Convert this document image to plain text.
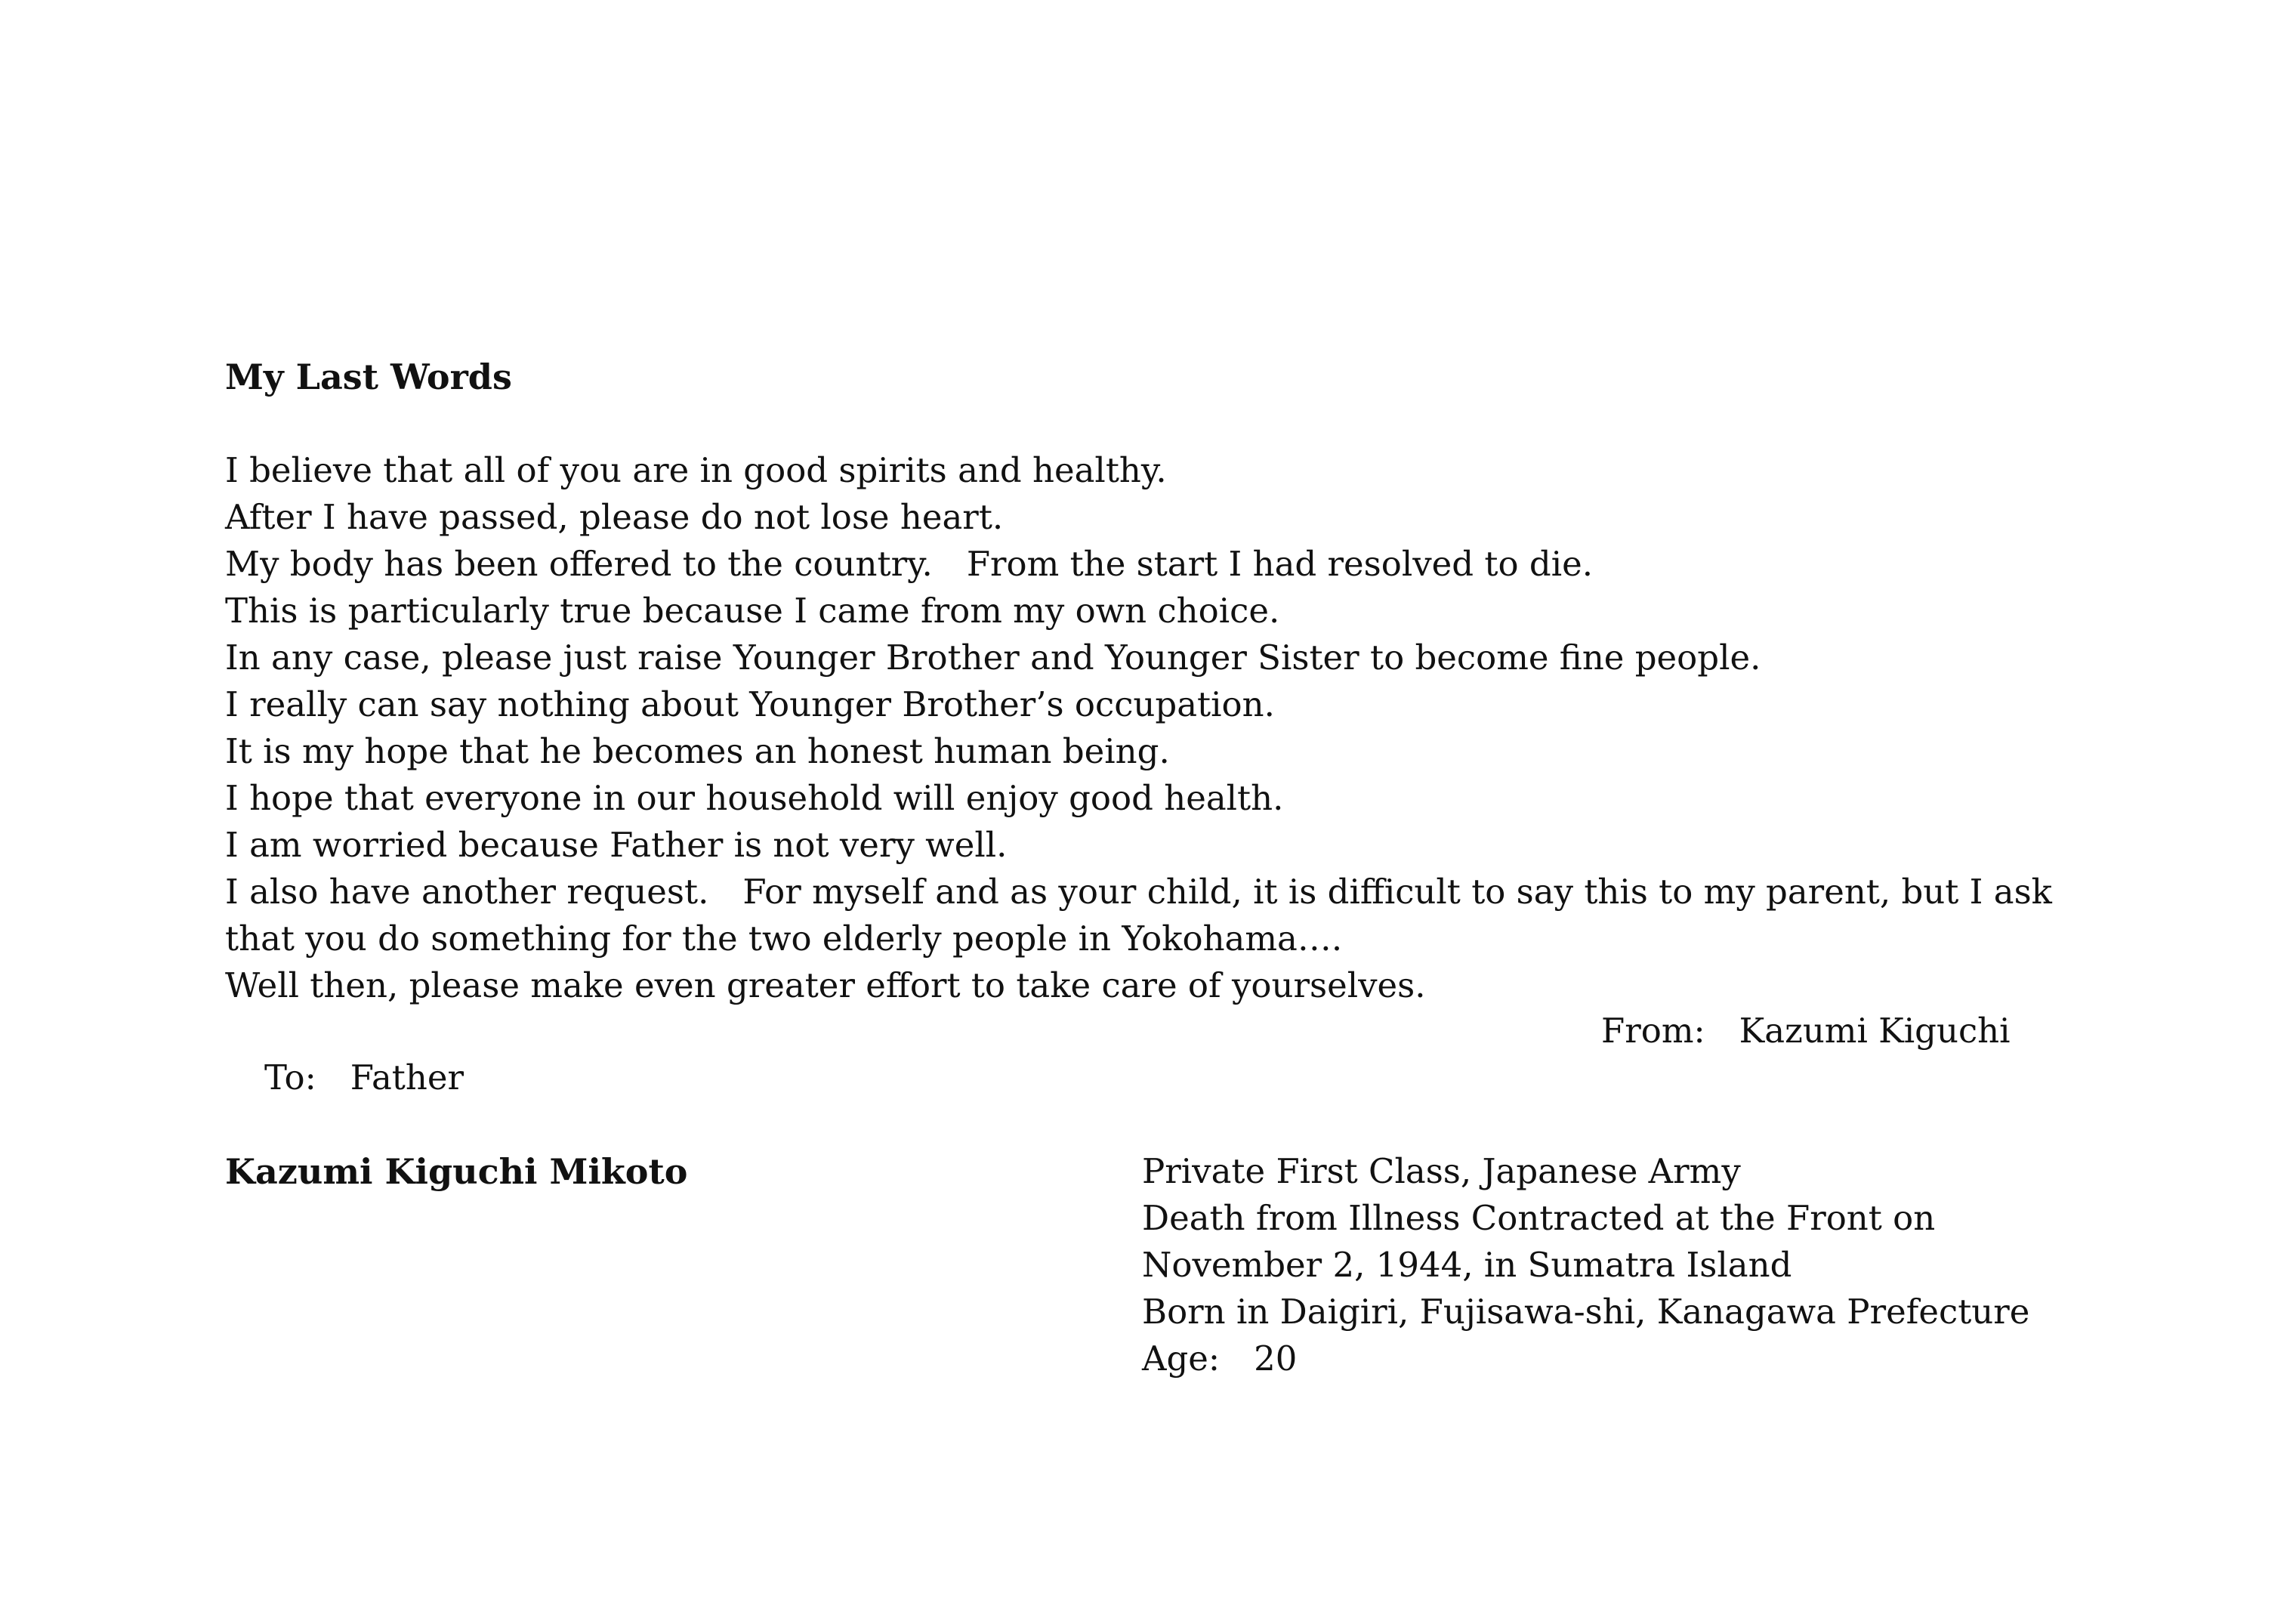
My Last Words
I believe that all of you are in good spirits and healthy.
After I have passed, please do not lose heart.
My body has been offered to the country.　From the start I had resolved to die.
This is particularly true because I came from my own choice.
In any case, please just raise Younger Brother and Younger Sister to become fine people.
I really can say nothing about Younger Brother’s occupation.
It is my hope that he becomes an honest human being.
I hope that everyone in our household will enjoy good health.
I am worried because Father is not very well.
I also have another request.　For myself and as your child, it is difficult to say this to my parent, but I ask
that you do something for the two elderly people in Yokohama….
Well then, please make even greater effort to take care of yourselves.
From:　Kazumi Kiguchi
To:　Father
Kazumi Kiguchi Mikoto	Private First Class, Japanese Army
Death from Illness Contracted at the Front on
November 2, 1944, in Sumatra Island
Born in Daigiri, Fujisawa-shi, Kanagawa Prefecture
Age:　20
